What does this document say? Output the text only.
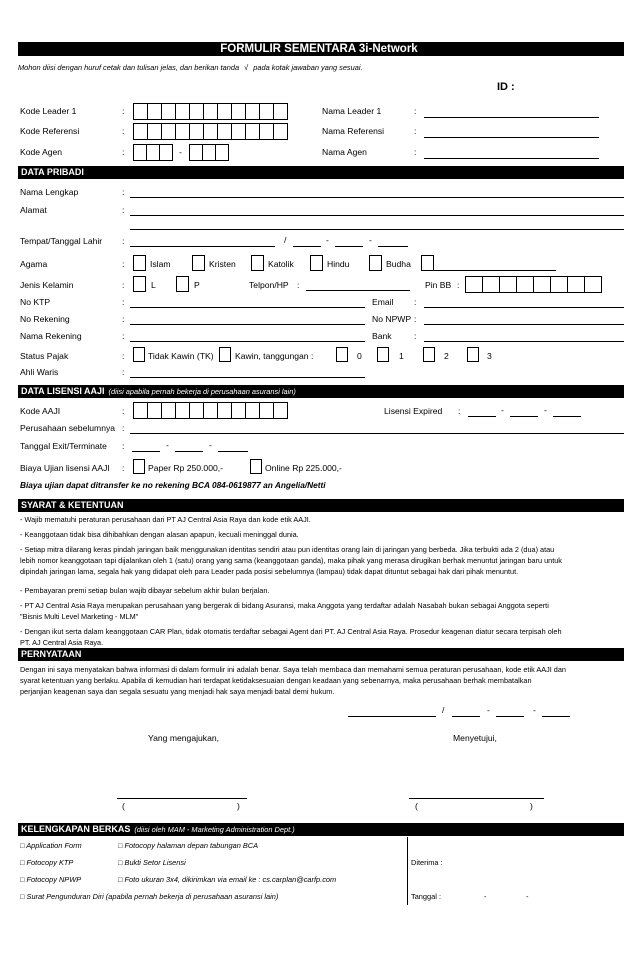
FORMULIR SEMENTARA 3i-Network
Mohon diisi dengan huruf cetak dan tulisan jelas, dan berikan tanda √ pada kotak jawaban yang sesuai.
ID :
Kode Leader 1	:	Nama Leader 1	:
Kode Referensi	:	Nama Referensi	:
Kode Agen	:	-	Nama Agen	:
DATA PRIBADI
Nama Lengkap	:
Alamat	:
Tempat/Tanggal Lahir :	/	-	-
Agama	:	Islam	Kristen	Katolik	Hindu	Budha
Jenis Kelamin	:	L	P	Telpon/HP :	Pin BB :
No KTP	:	Email :
No Rekening	:	No NPWP :
Nama Rekening	:	Bank	:
Status Pajak	:	Tidak Kawin (TK) Kawin, tanggungan :	0	1	2	3
Ahli Waris	:
DATA LISENSI AAJI (diisi apabila pernah bekerja di perusahaan asuransi lain)
Kode AAJI	:	Lisensi Expired :	-	-
Perusahaan sebelumnya :
Tanggal Exit/Terminate :	-	-
Biaya Ujian lisensi AAJI :	Paper Rp 250.000,-	Online Rp 225.000,-
Biaya ujian dapat ditransfer ke no rekening BCA 084-0619877 an Angelia/Netti
SYARAT & KETENTUAN
- Wajib mematuhi peraturan perusahaan dari PT AJ Central Asia Raya dan kode etik AAJI.
- Keanggotaan tidak bisa dihibahkan dengan alasan apapun, kecuali meninggal dunia.
- Setiap mitra dilarang keras pindah jaringan baik menggunakan identitas sendiri atau pun identitas orang lain di jaringan yang berbeda. Jika terbukti ada 2 (dua) atau
lebih nomor keanggotaan tapi dijalankan oleh 1 (satu) orang yang sama (keanggotaan ganda), maka pihak yang merasa dirugikan berhak menuntut jaringan baru untuk
dipindah jaringan lama, segala hak yang didapat oleh para Leader pada posisi sebelumnya (lampau) tidak dapat dituntut sebagai hak dari pihak menuntut.
- Pembayaran premi setiap bulan wajib dibayar sebelum akhir bulan berjalan.
- PT AJ Central Asia Raya merupakan perusahaan yang bergerak di bidang Asuransi, maka Anggota yang terdaftar adalah Nasabah bukan sebagai Anggota seperti
"Bisnis Multi Level Marketing - MLM"
- Dengan ikut serta dalam keanggotaan CAR Plan, tidak otomatis terdaftar sebagai Agent dari PT. AJ Central Asia Raya. Prosedur keagenan diatur secara terpisah oleh
PT. AJ Central Asia Raya.
PERNYATAAN
Dengan ini saya menyatakan bahwa informasi di dalam formulir ini adalah benar. Saya telah membaca dan memahami semua peraturan perusahaan, kode etik AAJI dan
syarat ketentuan yang berlaku. Apabila di kemudian hari terdapat ketidaksesuaian dengan keadaan yang sebenarnya, maka perusahaan berhak membatalkan
perjanjian keagenan saya dan segala sesuatu yang menjadi hak saya menjadi batal demi hukum.
/	-	-
Yang mengajukan,	Menyetujui,
(	)	(	)
KELENGKAPAN BERKAS (diisi oleh MAM - Marketing Administration Dept.)
□ Application Form	□ Fotocopy halaman depan tabungan BCA
□ Fotocopy KTP	□ Bukti Setor Lisensi
□ Fotocopy NPWP	□ Foto ukuran 3x4, dikirimkan via email ke : cs.carplan@carfp.com
□ Surat Pengunduran Diri (apabila pernah bekerja di perusahaan asuransi lain)
Diterima :
Tanggal :	-	-
